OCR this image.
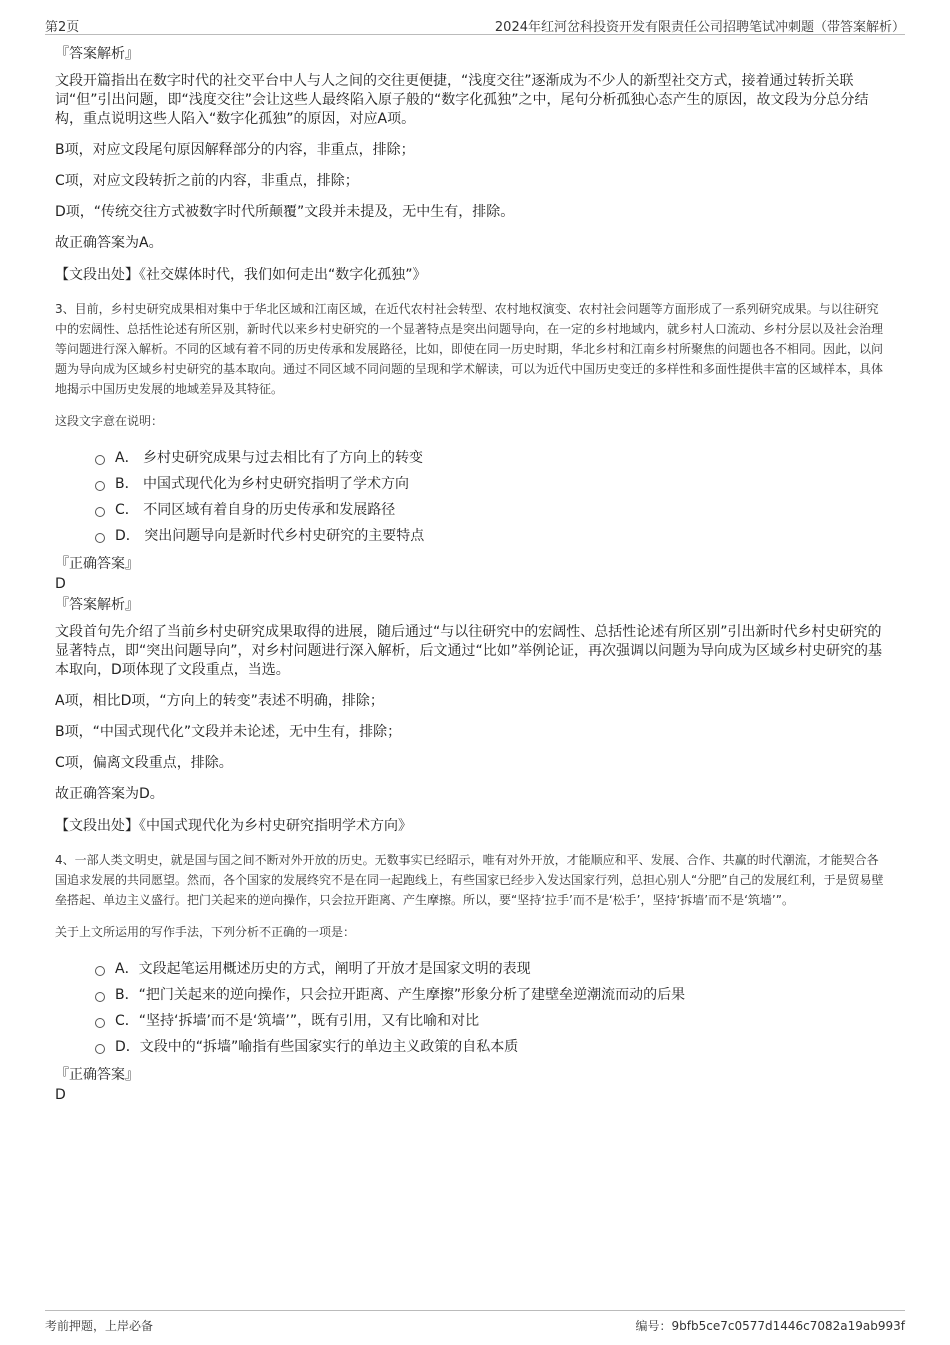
第2页	2024年红河岔科投资开发有限责任公司招聘笔试冲刺题（带答案解析）
『答案解析』

文段开篇指出在数字时代的社交平台中人与人之间的交往更便捷，“浅度交往”逐渐成为不少人的新型社交方式，接着通过转折关联词“但”引出问题，即“浅度交往”会让这些人最终陷入原子般的“数字化孤独”之中，尾句分析孤独心态产生的原因，故文段为分总分结构，重点说明这些人陷入“数字化孤独”的原因，对应A项。

B项，对应文段尾句原因解释部分的内容，非重点，排除；

C项，对应文段转折之前的内容，非重点，排除；

D项，“传统交往方式被数字时代所颠覆”文段并未提及，无中生有，排除。

故正确答案为A。

【文段出处】《社交媒体时代，我们如何走出“数字化孤独”》

3、目前，乡村史研究成果相对集中于华北区域和江南区域，在近代农村社会转型、农村地权演变、农村社会问题等方面形成了一系列研究成果。与以往研究中的宏阔性、总括性论述有所区别，新时代以来乡村史研究的一个显著特点是突出问题导向，在一定的乡村地域内，就乡村人口流动、乡村分层以及社会治理等问题进行深入解析。不同的区域有着不同的历史传承和发展路径，比如，即使在同一历史时期，华北乡村和江南乡村所聚焦的问题也各不相同。因此，以问题为导向成为区域乡村史研究的基本取向。通过不同区域不同问题的呈现和学术解读，可以为近代中国历史变迁的多样性和多面性提供丰富的区域样本，具体地揭示中国历史发展的地域差异及其特征。

这段文字意在说明：

A． 乡村史研究成果与过去相比有了方向上的转变
B． 中国式现代化为乡村史研究指明了学术方向
C． 不同区域有着自身的历史传承和发展路径
D． 突出问题导向是新时代乡村史研究的主要特点
『正确答案』
D
『答案解析』

文段首句先介绍了当前乡村史研究成果取得的进展，随后通过“与以往研究中的宏阔性、总括性论述有所区别”引出新时代乡村史研究的显著特点，即“突出问题导向”，对乡村问题进行深入解析，后文通过“比如”举例论证，再次强调以问题为导向成为区域乡村史研究的基本取向，D项体现了文段重点，当选。

A项，相比D项，“方向上的转变”表述不明确，排除；

B项，“中国式现代化”文段并未论述，无中生有，排除；

C项，偏离文段重点，排除。

故正确答案为D。

【文段出处】《中国式现代化为乡村史研究指明学术方向》

4、一部人类文明史，就是国与国之间不断对外开放的历史。无数事实已经昭示，唯有对外开放，才能顺应和平、发展、合作、共赢的时代潮流，才能契合各国追求发展的共同愿望。然而，各个国家的发展终究不是在同一起跑线上，有些国家已经步入发达国家行列，总担心别人“分肥”自己的发展红利，于是贸易壁垒搭起、单边主义盛行。把门关起来的逆向操作，只会拉开距离、产生摩擦。所以，要“坚持‘拉手’而不是‘松手’，坚持‘拆墙’而不是‘筑墙’”。

关于上文所运用的写作手法，下列分析不正确的一项是：

A．文段起笔运用概述历史的方式，阐明了开放才是国家文明的表现
B．“把门关起来的逆向操作，只会拉开距离、产生摩擦”形象分析了建壁垒逆潮流而动的后果
C．“坚持‘拆墙’而不是‘筑墙’”，既有引用，又有比喻和对比
D．文段中的“拆墙”喻指有些国家实行的单边主义政策的自私本质
『正确答案』
D
考前押题，上岸必备	编号：9bfb5ce7c0577d1446c7082a19ab993f
